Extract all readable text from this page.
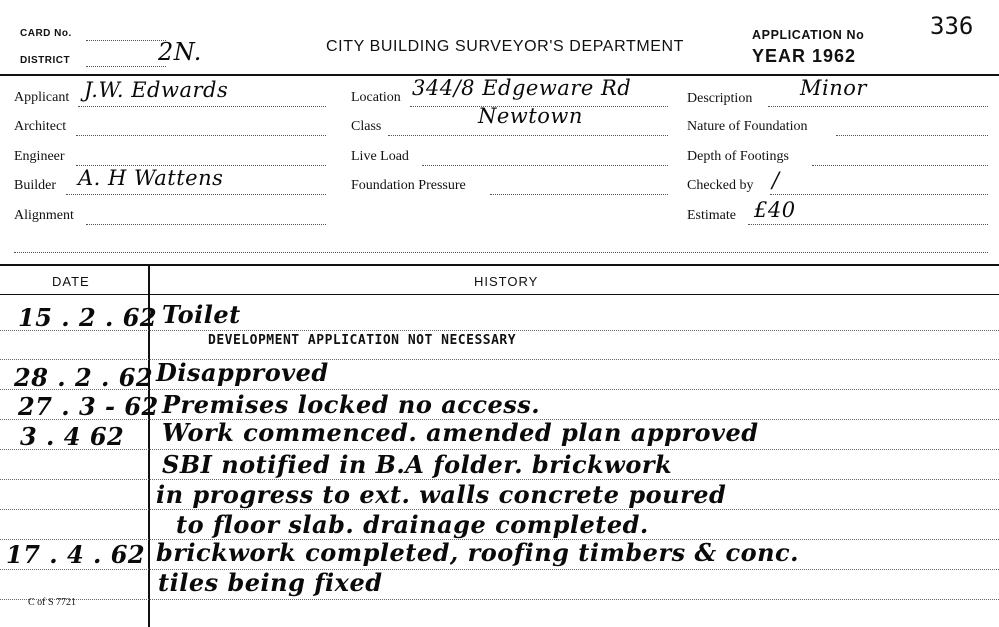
CARD No.
DISTRICT	2N.	CITY BUILDING SURVEYOR'S DEPARTMENT
APPLICATION No
YEAR 1962
336
Applicant J.W. Edwards
Architect
Engineer
Builder A. H Wattens
Alignment
Location 344/8 Edgeware Rd
Newtown
Class
Live Load
Foundation Pressure
Description Minor
Nature of Foundation
Depth of Footings
Checked by /
Estimate £40
DATE	HISTORY
15 . 2 . 62 Toilet
DEVELOPMENT APPLICATION NOT NECESSARY
28 . 2 . 62 Disapproved
27 . 3 - 62 Premises locked no access.
3 . 4 62 Work commenced. amended plan approved
SBI notified in B.A folder. brickwork
in progress to ext. walls concrete poured
to floor slab. drainage completed.
17 . 4 . 62 brickwork completed, roofing timbers & conc.
tiles being fixed
C of S 7721
